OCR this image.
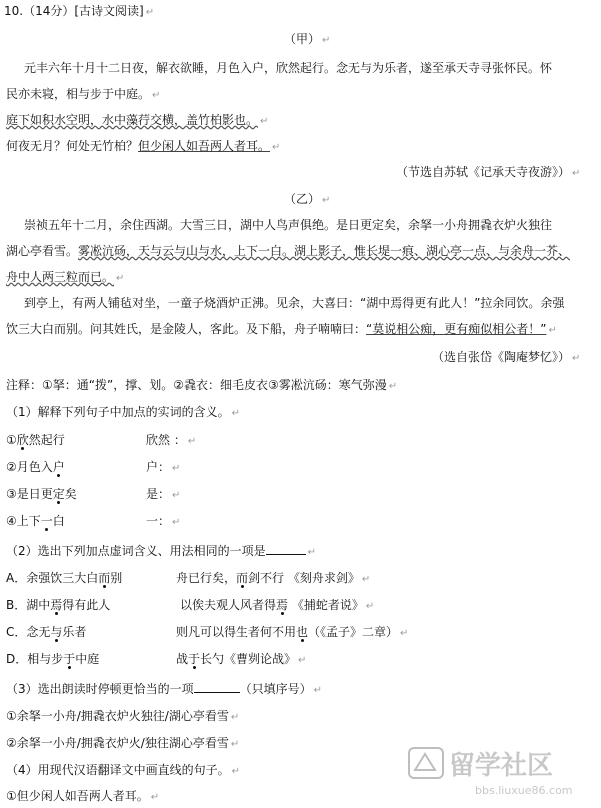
10.（14分）[古诗文阅读] ↵
（甲） ↵
元丰六年十月十二日夜，解衣欲睡，月色入户，欣然起行。念无与为乐者，遂至承天寺寻张怀民。怀
民亦未寝，相与步于中庭。 ↵
庭下如积水空明，水中藻荇交横，盖竹柏影也。 ↵
何夜无月？何处无竹柏？但少闲人如吾两人者耳。 ↵
（节选自苏轼《记承天寺夜游》） ↵
（乙） ↵
崇祯五年十二月，余住西湖。大雪三日，湖中人鸟声俱绝。是日更定矣，余拏一小舟拥毳衣炉火独往
湖心亭看雪。雾凇沆砀，天与云与山与水，上下一白。湖上影子，惟长堤一痕、湖心亭一点、与余舟一芥、
舟中人两三粒而已。 ↵
到亭上，有两人铺毡对坐，一童子烧酒炉正沸。见余，大喜曰：“湖中焉得更有此人！”拉余同饮。余强
饮三大白而别。问其姓氏，是金陵人，客此。及下船，舟子喃喃曰：“莫说相公痴，更有痴似相公者！” ↵
（选自张岱《陶庵梦忆》） ↵
注释：①拏：通“拨”，撑、划。②毳衣：细毛皮衣③雾凇沆砀：寒气弥漫 ↵
（1）解释下列句子中加点的实词的含义。 ↵
①欣然起行	欣然 ： ↵
②月色入户	户： ↵
③是日更定矣	是： ↵
④上下一白	一： ↵
（2）选出下列加点虚词含义、用法相同的一项是	↵
A．余强饮三大白而别	舟已行矣，而剑不行 《刻舟求剑》 ↵
B．湖中焉得有此人	以俟夫观人风者得焉 《捕蛇者说》 ↵
C．念无与乐者	则凡可以得生者何不用也（《孟子》二章） ↵
D．相与步于中庭	战于长勺《曹刿论战》 ↵
（3）选出朗读时停顿更恰当的一项	（只填序号） ↵
①余拏一小舟/拥毳衣炉火独往/湖心亭看雪 ↵
②余拏一小舟/拥毳衣炉火/独往湖心亭看雪 ↵
（4）用现代汉语翻译文中画直线的句子。 ↵
①但少闲人如吾两人者耳。 ↵
留学社区
bbs.liuxue86.com
